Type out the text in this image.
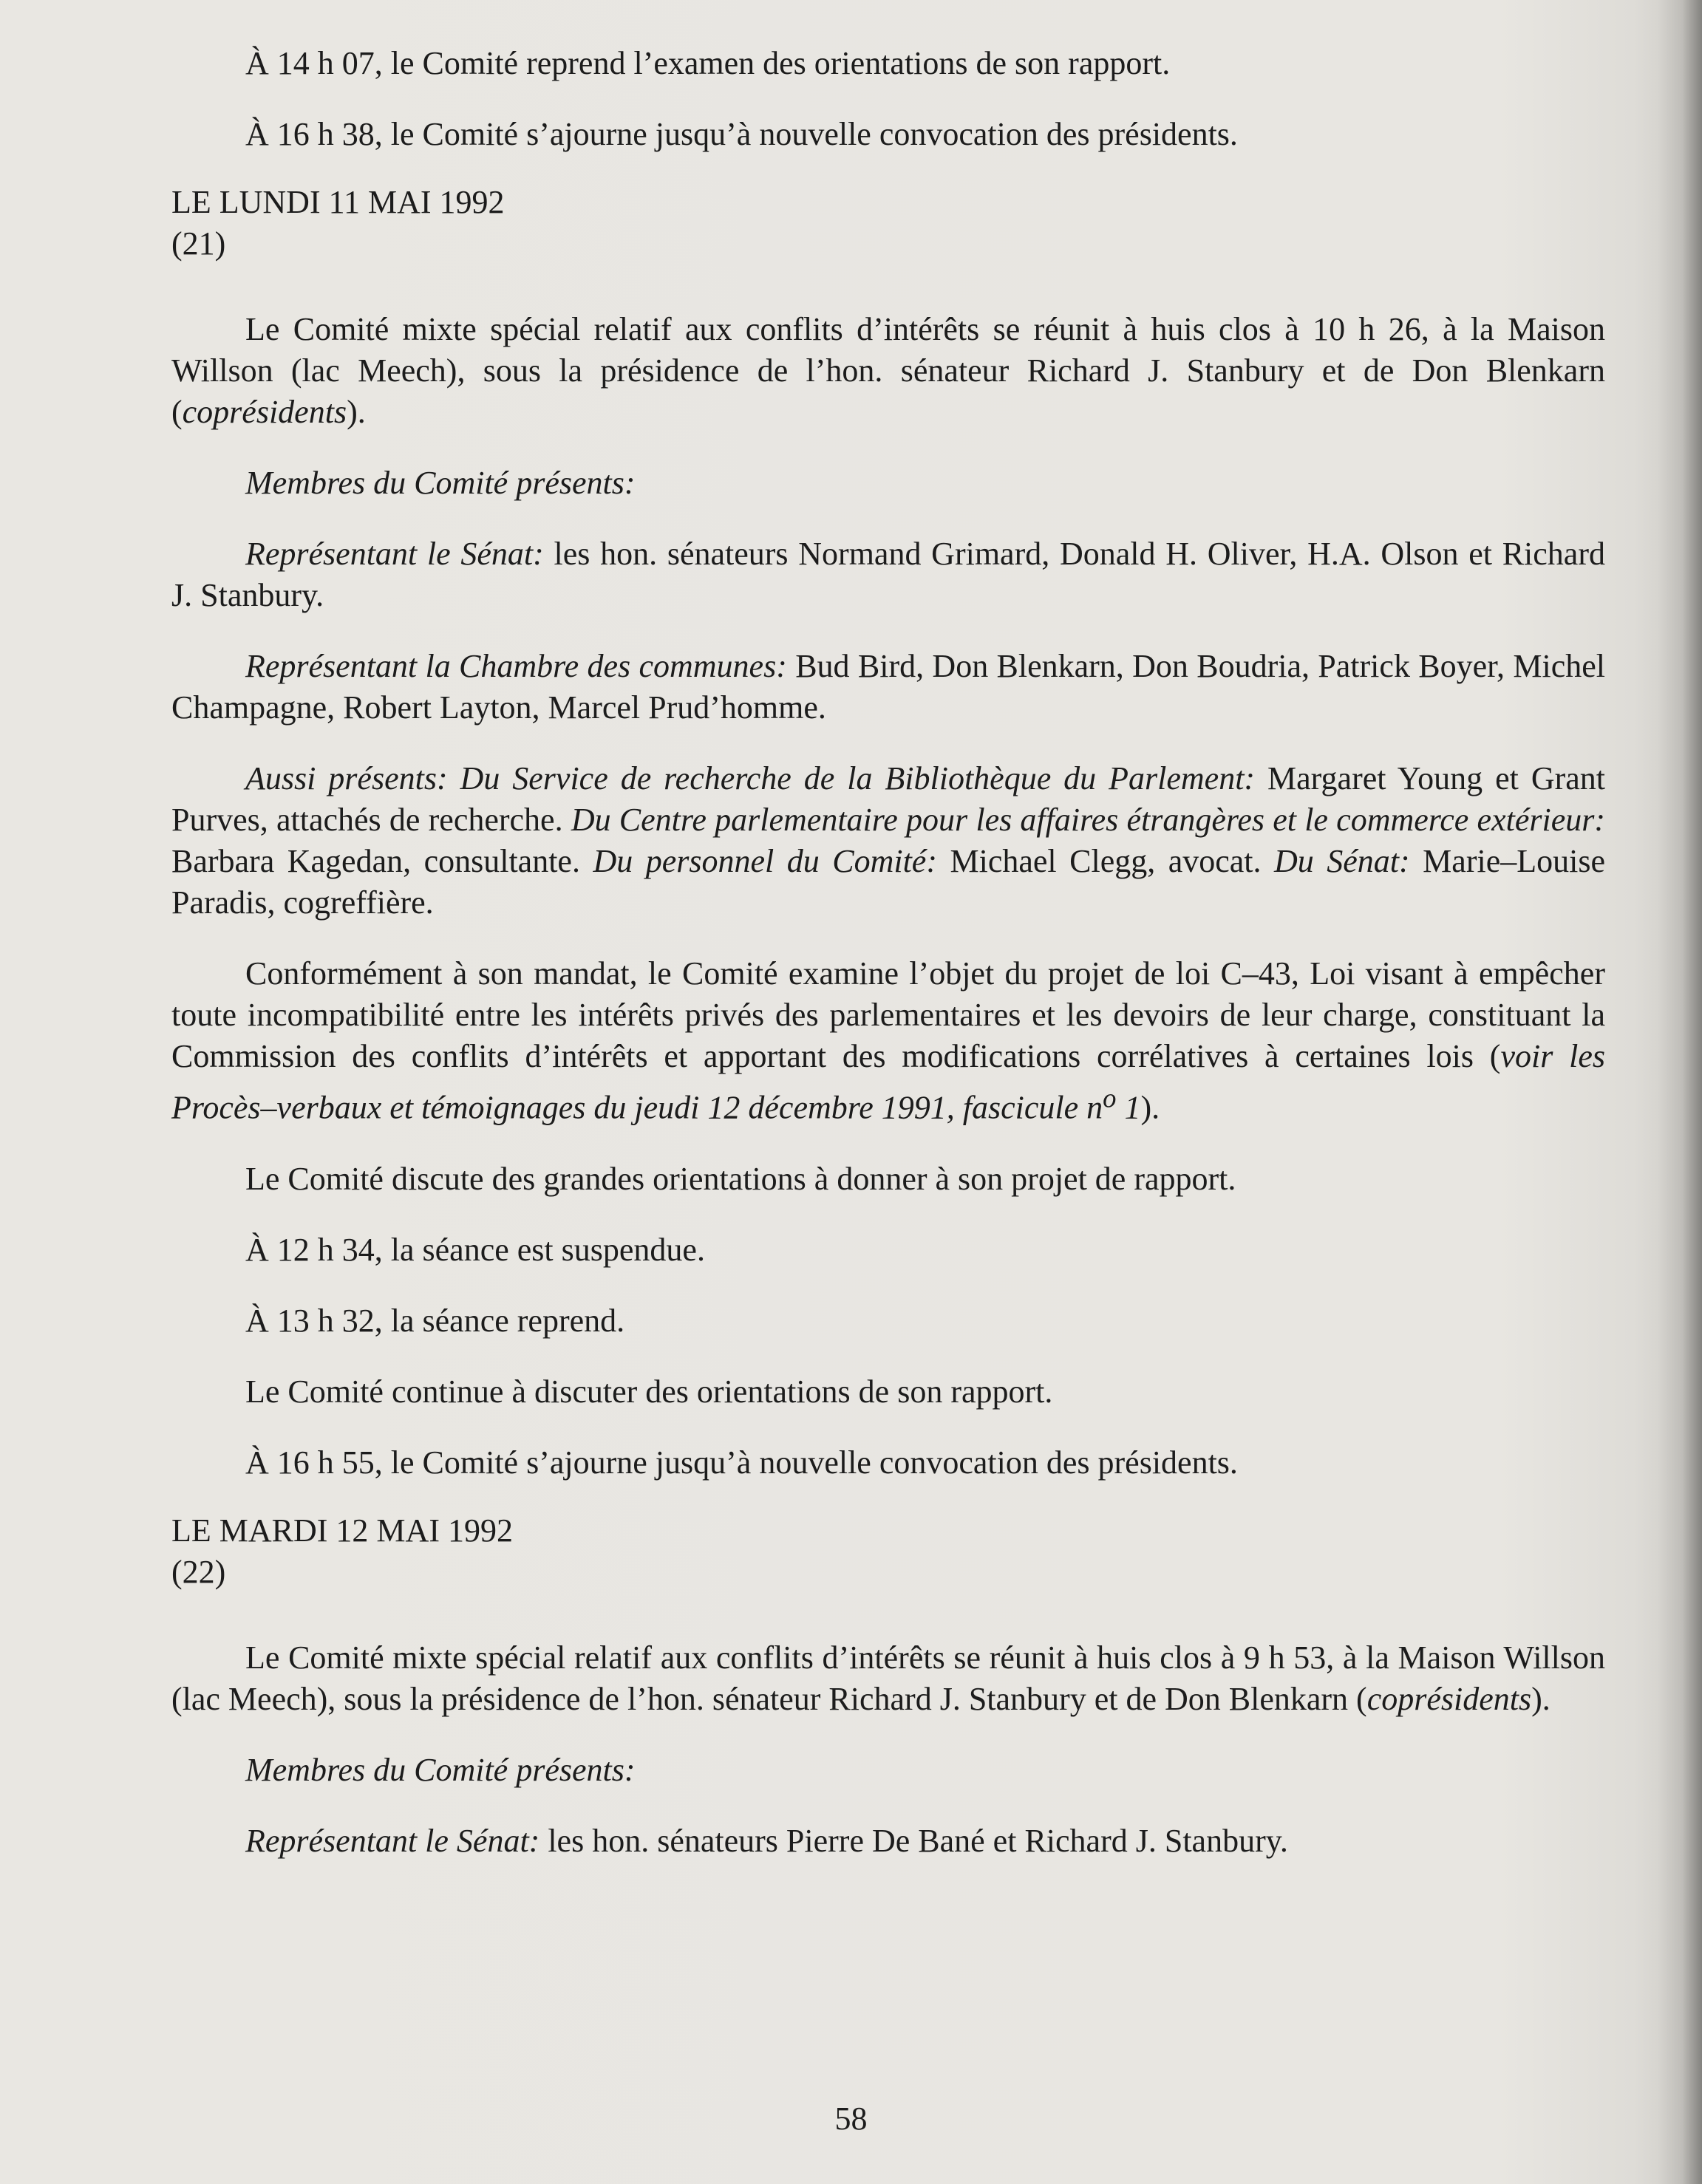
À 14 h 07, le Comité reprend l’examen des orientations de son rapport.

À 16 h 38, le Comité s’ajourne jusqu’à nouvelle convocation des présidents.

LE LUNDI 11 MAI 1992

(21)

Le Comité mixte spécial relatif aux conflits d’intérêts se réunit à huis clos à 10 h 26, à la Maison Willson (lac Meech), sous la présidence de l’hon. sénateur Richard J. Stanbury et de Don Blenkarn (coprésidents).

Membres du Comité présents:

Représentant le Sénat: les hon. sénateurs Normand Grimard, Donald H. Oliver, H.A. Olson et Richard J. Stanbury.

Représentant la Chambre des communes: Bud Bird, Don Blenkarn, Don Boudria, Patrick Boyer, Michel Champagne, Robert Layton, Marcel Prud’homme.

Aussi présents: Du Service de recherche de la Bibliothèque du Parlement: Margaret Young et Grant Purves, attachés de recherche. Du Centre parlementaire pour les affaires étrangères et le commerce extérieur: Barbara Kagedan, consultante. Du personnel du Comité: Michael Clegg, avocat. Du Sénat: Marie–Louise Paradis, cogreffière.

Conformément à son mandat, le Comité examine l’objet du projet de loi C–43, Loi visant à empêcher toute incompatibilité entre les intérêts privés des parlementaires et les devoirs de leur charge, constituant la Commission des conflits d’intérêts et apportant des modifications corrélatives à certaines lois (voir les Procès–verbaux et témoignages du jeudi 12 décembre 1991, fascicule $n^o$ 1).

Le Comité discute des grandes orientations à donner à son projet de rapport.

À 12 h 34, la séance est suspendue.

À 13 h 32, la séance reprend.

Le Comité continue à discuter des orientations de son rapport.

À 16 h 55, le Comité s’ajourne jusqu’à nouvelle convocation des présidents.

LE MARDI 12 MAI 1992

(22)

Le Comité mixte spécial relatif aux conflits d’intérêts se réunit à huis clos à 9 h 53, à la Maison Willson (lac Meech), sous la présidence de l’hon. sénateur Richard J. Stanbury et de Don Blenkarn (coprésidents).

Membres du Comité présents:

Représentant le Sénat: les hon. sénateurs Pierre De Bané et Richard J. Stanbury.

58
